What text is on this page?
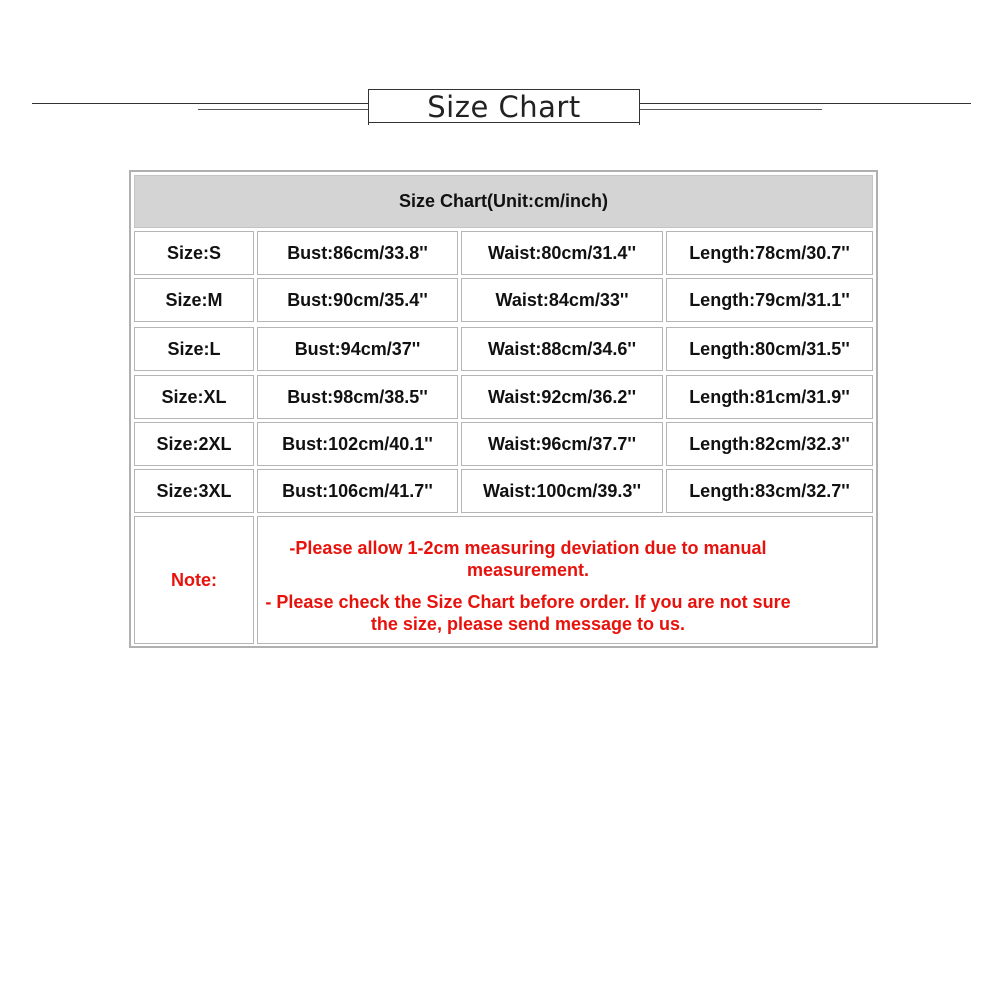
Size Chart
Size Chart(Unit:cm/inch)
Size:S	Bust:86cm/33.8''	Waist:80cm/31.4''	Length:78cm/30.7''
Size:M	Bust:90cm/35.4''	Waist:84cm/33''	Length:79cm/31.1''
Size:L	Bust:94cm/37''	Waist:88cm/34.6''	Length:80cm/31.5''
Size:XL	Bust:98cm/38.5''	Waist:92cm/36.2''	Length:81cm/31.9''
Size:2XL	Bust:102cm/40.1''	Waist:96cm/37.7''	Length:82cm/32.3''
Size:3XL	Bust:106cm/41.7''	Waist:100cm/39.3''	Length:83cm/32.7''
Note:
-Please allow 1-2cm measuring deviation due to manual measurement.
- Please check the Size Chart before order. If you are not sure the size, please send message to us.
